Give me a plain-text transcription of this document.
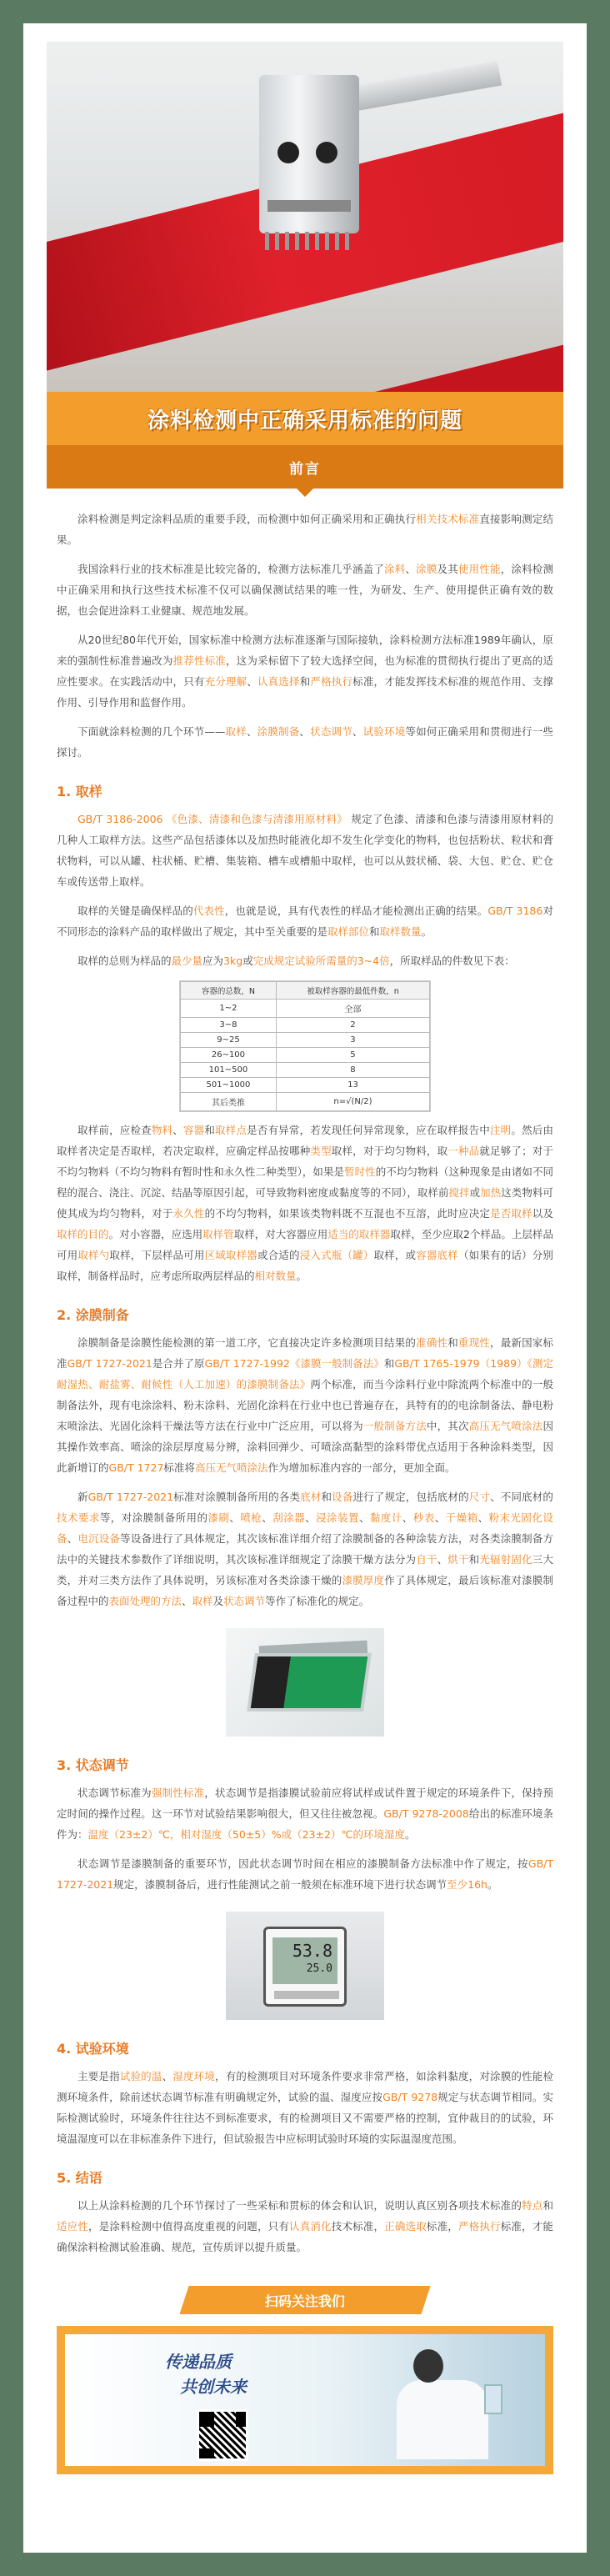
涂料检测中正确采用标准的问题
前言

涂料检测是判定涂料品质的重要手段，而检测中如何正确采用和正确执行相关技术标准直接影响测定结果。

我国涂料行业的技术标准是比较完备的，检测方法标准几乎涵盖了涂料、涂膜及其使用性能，涂料检测中正确采用和执行这些技术标准不仅可以确保测试结果的唯一性，为研发、生产、使用提供正确有效的数据，也会促进涂料工业健康、规范地发展。

从20世纪80年代开始，国家标准中检测方法标准逐渐与国际接轨，涂料检测方法标准1989年确认，原来的强制性标准普遍改为推荐性标准，这为采标留下了较大选择空间，也为标准的贯彻执行提出了更高的适应性要求。在实践活动中，只有充分理解、认真选择和严格执行标准，才能发挥技术标准的规范作用、支撑作用、引导作用和监督作用。

下面就涂料检测的几个环节——取样、涂膜制备、状态调节、试验环境等如何正确采用和贯彻进行一些探讨。

1. 取样

GB/T 3186-2006 《色漆、清漆和色漆与清漆用原材料》 规定了色漆、清漆和色漆与清漆用原材料的几种人工取样方法。这些产品包括漆体以及加热时能液化却不发生化学变化的物料，也包括粉状、粒状和膏状物料，可以从罐、柱状桶、贮槽、集装箱、槽车或槽船中取样，也可以从鼓状桶、袋、大包、贮仓、贮仓车或传送带上取样。

取样的关键是确保样品的代表性，也就是说，具有代表性的样品才能检测出正确的结果。GB/T 3186对不同形态的涂料产品的取样做出了规定，其中至关重要的是取样部位和取样数量。

取样的总则为样品的最少量应为3kg或完成规定试验所需量的3~4倍，所取样品的件数见下表：

容器的总数，N	被取样容器的最低件数，n
1~2	全部
3~8	2
9~25	3
26~100	5
101~500	8
501~1000	13
其后类推	n=√(N/2)

取样前，应检查物料、容器和取样点是否有异常，若发现任何异常现象，应在取样报告中注明。然后由取样者决定是否取样，若决定取样，应确定样品按哪种类型取样，对于均匀物料，取一种品就足够了；对于不均匀物料（不均匀物料有暂时性和永久性二种类型），如果是暂时性的不均匀物料（这种现象是由诸如不同程的混合、浇注、沉淀、结晶等原因引起，可导致物料密度或黏度等的不同），取样前搅拌或加热这类物料可使其成为均匀物料，对于永久性的不均匀物料，如果该类物料既不互混也不互溶，此时应决定是否取样以及取样的目的。对小容器，应选用取样管取样，对大容器应用适当的取样器取样，至少应取2个样品。上层样品可用取样勺取样，下层样品可用区域取样器或合适的浸入式瓶（罐）取样，或容器底样（如果有的话）分别取样，制备样品时，应考虑所取两层样品的相对数量。

2. 涂膜制备

涂膜制备是涂膜性能检测的第一道工序，它直接决定许多检测项目结果的准确性和重现性，最新国家标准GB/T 1727-2021是合并了原GB/T 1727-1992《漆膜一般制备法》和GB/T 1765-1979（1989）《测定耐湿热、耐盐雾、耐候性（人工加速）的漆膜制备法》两个标准，而当今涂料行业中除流两个标准中的一般制备法外，现有电涂涂料、粉末涂料、光固化涂料在行业中也已普遍存在，具特有的的电涂制备法、静电粉末喷涂法、光固化涂料干燥法等方法在行业中广泛应用，可以将为一般制备方法中，其次高压无气喷涂法因其操作效率高、喷涂的涂层厚度易分辨，涂料回弹少、可喷涂高黏型的涂料带优点适用于各种涂料类型，因此新增订的GB/T 1727标准将高压无气喷涂法作为增加标准内容的一部分，更加全面。

新GB/T 1727-2021标准对涂膜制备所用的各类底材和设备进行了规定，包括底材的尺寸、不同底材的技术要求等，对涂膜制备所用的漆刷、喷枪、刮涂器、浸涂装置、黏度计、秒表、干燥箱、粉末光固化设备、电沉设备等设备进行了具体规定，其次该标准详细介绍了涂膜制备的各种涂装方法，对各类涂膜制备方法中的关键技术参数作了详细说明，其次该标准详细规定了涂膜干燥方法分为自干、烘干和光辐射固化三大类，并对三类方法作了具体说明，另该标准对各类涂漆干燥的漆膜厚度作了具体规定，最后该标准对漆膜制备过程中的表面处理的方法、取样及状态调节等作了标准化的规定。

3. 状态调节

状态调节标准为强制性标准，状态调节是指漆膜试验前应将试样或试件置于规定的环境条件下，保持预定时间的操作过程。这一环节对试验结果影响很大，但又往往被忽视。GB/T 9278-2008给出的标准环境条件为：温度（23±2）℃，相对湿度（50±5）%或（23±2）℃的环境湿度。

状态调节是漆膜制备的重要环节，因此状态调节时间在相应的漆膜制备方法标准中作了规定，按GB/T 1727-2021规定，漆膜制备后，进行性能测试之前一般须在标准环境下进行状态调节至少16h。

53.8
25.0
4. 试验环境

主要是指试验的温、湿度环境，有的检测项目对环境条件要求非常严格，如涂料黏度，对涂膜的性能检测环境条件，除前述状态调节标准有明确规定外，试验的温、湿度应按GB/T 9278规定与状态调节相同。实际检测试验时，环境条件往往达不到标准要求，有的检测项目又不需要严格的控制，宜仲裁目的的试验，环境温湿度可以在非标准条件下进行，但试验报告中应标明试验时环境的实际温湿度范围。

5. 结语

以上从涂料检测的几个环节探讨了一些采标和贯标的体会和认识，说明认真区别各项技术标准的特点和适应性，是涂料检测中值得高度重视的问题，只有认真消化技术标准，正确选取标准，严格执行标准，才能确保涂料检测试验准确、规范，宣传质评以提升质量。

扫码关注我们
传递品质
共创未来
